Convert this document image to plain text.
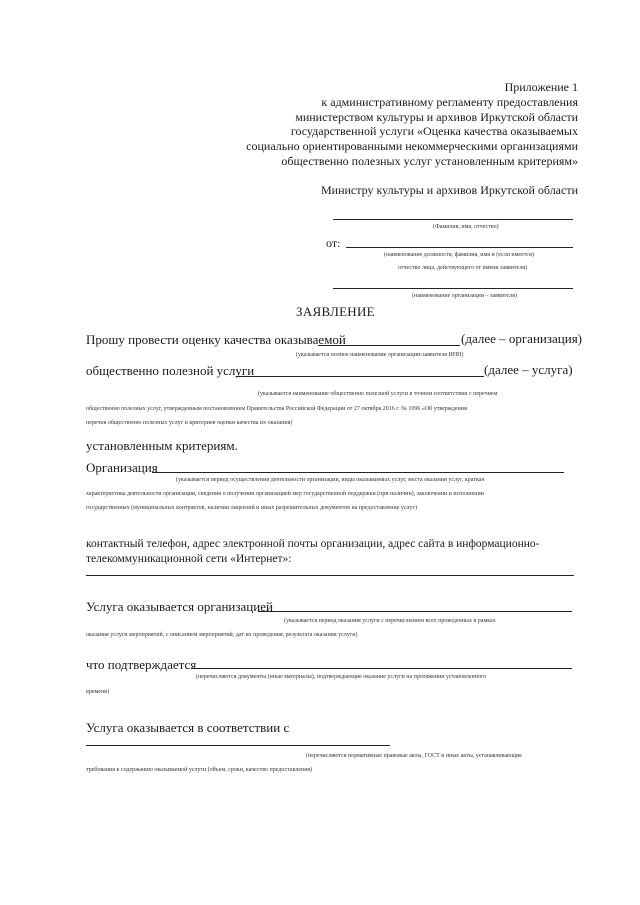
Приложение 1
к административному регламенту предоставления
министерством культуры и архивов Иркутской области
государственной услуги «Оценка качества оказываемых
социально ориентированными некоммерческими организациями
общественно полезных услуг установленным критериям»
Министру культуры и архивов Иркутской области
(Фамилия, имя, отчество)
от:
(наименование должности, фамилия, имя и (если имеется)
отчество лица, действующего от имени заявителя)
(наименование организации – заявителя)
ЗАЯВЛЕНИЕ
Прошу провести оценку качества оказываемой	(далее – организация)
(указывается полное наименование организации-заявителя ИНН)
общественно полезной услуги	(далее – услуга)
(указывается наименование общественно полезной услуги в точном соответствии с перечнем
общественно полезных услуг, утвержденным постановлением Правительства Российской Федерации от 27 октября 2016 г. № 1096 «Об утверждении
перечня общественно полезных услуг и критериев оценки качества их оказания)
установленным критериям.
Организация
(указывается период осуществления деятельности организации, виды оказываемых услуг, места оказания услуг, краткая
характеристика деятельности организации, сведения о получении организацией мер государственной поддержки (при наличии), заключении и исполнении
государственных (муниципальных контрактов, наличии лицензий и иных разрешительных документов на предоставление услуг)
контактный телефон, адрес электронной почты организации, адрес сайта в информационно-
телекоммуникационной сети «Интернет»:
Услуга оказывается организацией
(указывается период оказания услуги с перечислением всех проведенных в рамках
оказания услуги мероприятий, с описанием мероприятий, дат их проведения, результата оказания услуги)
что подтверждается
(перечисляются документы (иные материалы), подтверждающие оказание услуги на протяжении установленного
времени)
Услуга оказывается в соответствии с
(перечисляются нормативные правовые акты, ГОСТ и иные акты, устанавливающие
требования к содержанию оказываемой услуги (объем, сроки, качество предоставления)
